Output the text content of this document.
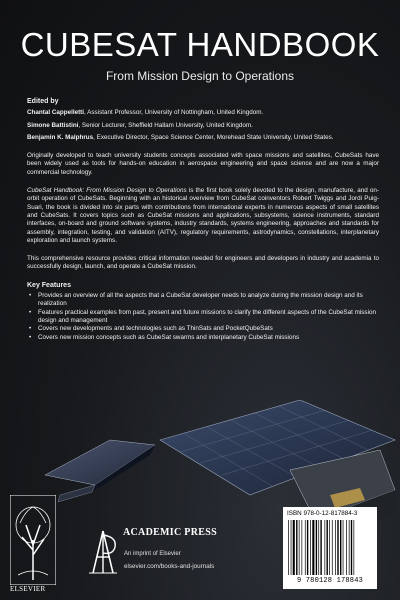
CUBESAT HANDBOOK
From Mission Design to Operations

Edited by

Chantal Cappelletti, Assistant Professor, University of Nottingham, United Kingdom.

Simone Battistini, Senior Lecturer, Sheffield Hallam University, United Kingdom.

Benjamin K. Malphrus, Executive Director, Space Science Center, Morehead State University, United States.

Originally developed to teach university students concepts associated with space missions and satellites, CubeSats have been widely used as tools for hands-on education in aerospace engineering and space science and are now a major commercial technology.

CubeSat Handbook: From Mission Design to Operations is the first book solely devoted to the design, manufacture, and on-orbit operation of CubeSats. Beginning with an historical overview from CubeSat coinventors Robert Twiggs and Jordi Puig-Suari, the book is divided into six parts with contributions from international experts in numerous aspects of small satellites and CubeSats. It covers topics such as CubeSat missions and applications, subsystems, science instruments, standard interfaces, on-board and ground software systems, industry standards, systems engineering, approaches and standards for assembly, integration, testing, and validation (AITV), regulatory requirements, astrodynamics, constellations, interplanetary exploration and launch systems.

This comprehensive resource provides critical information needed for engineers and developers in industry and academia to successfully design, launch, and operate a CubeSat mission.

Key Features

• Provides an overview of all the aspects that a CubeSat developer needs to analyze during the mission design and its realization
• Features practical examples from past, present and future missions to clarify the different aspects of the CubeSat mission design and management
• Covers new developments and technologies such as ThinSats and PocketQubeSats
• Covers new mission concepts such as CubeSat swarms and interplanetary CubeSat missions
ELSEVIER
ACADEMIC PRESS
An imprint of Elsevier
elsevier.com/books-and-journals
ISBN 978-0-12-817884-3
9 780128 178843
